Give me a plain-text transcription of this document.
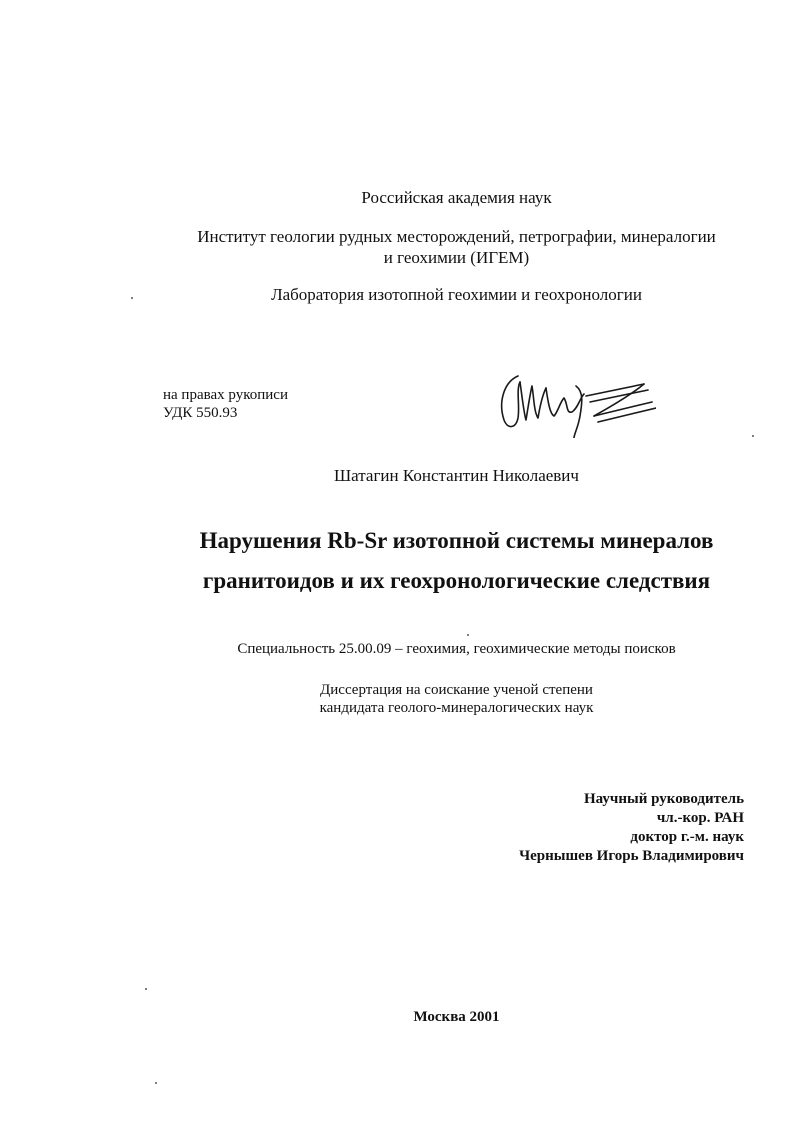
Российская академия наук
Институт геологии рудных месторождений, петрографии, минералогии
и геохимии (ИГЕМ)
Лаборатория изотопной геохимии и геохронологии
на правах рукописи
УДК 550.93
Шатагин Константин Николаевич
Нарушения Rb-Sr изотопной системы минералов
гранитоидов и их геохронологические следствия
Специальность 25.00.09 – геохимия, геохимические методы поисков
Диссертация на соискание ученой степени
кандидата геолого-минералогических наук
Научный руководитель
чл.-кор. РАН
доктор г.-м. наук
Чернышев Игорь Владимирович
Москва 2001
